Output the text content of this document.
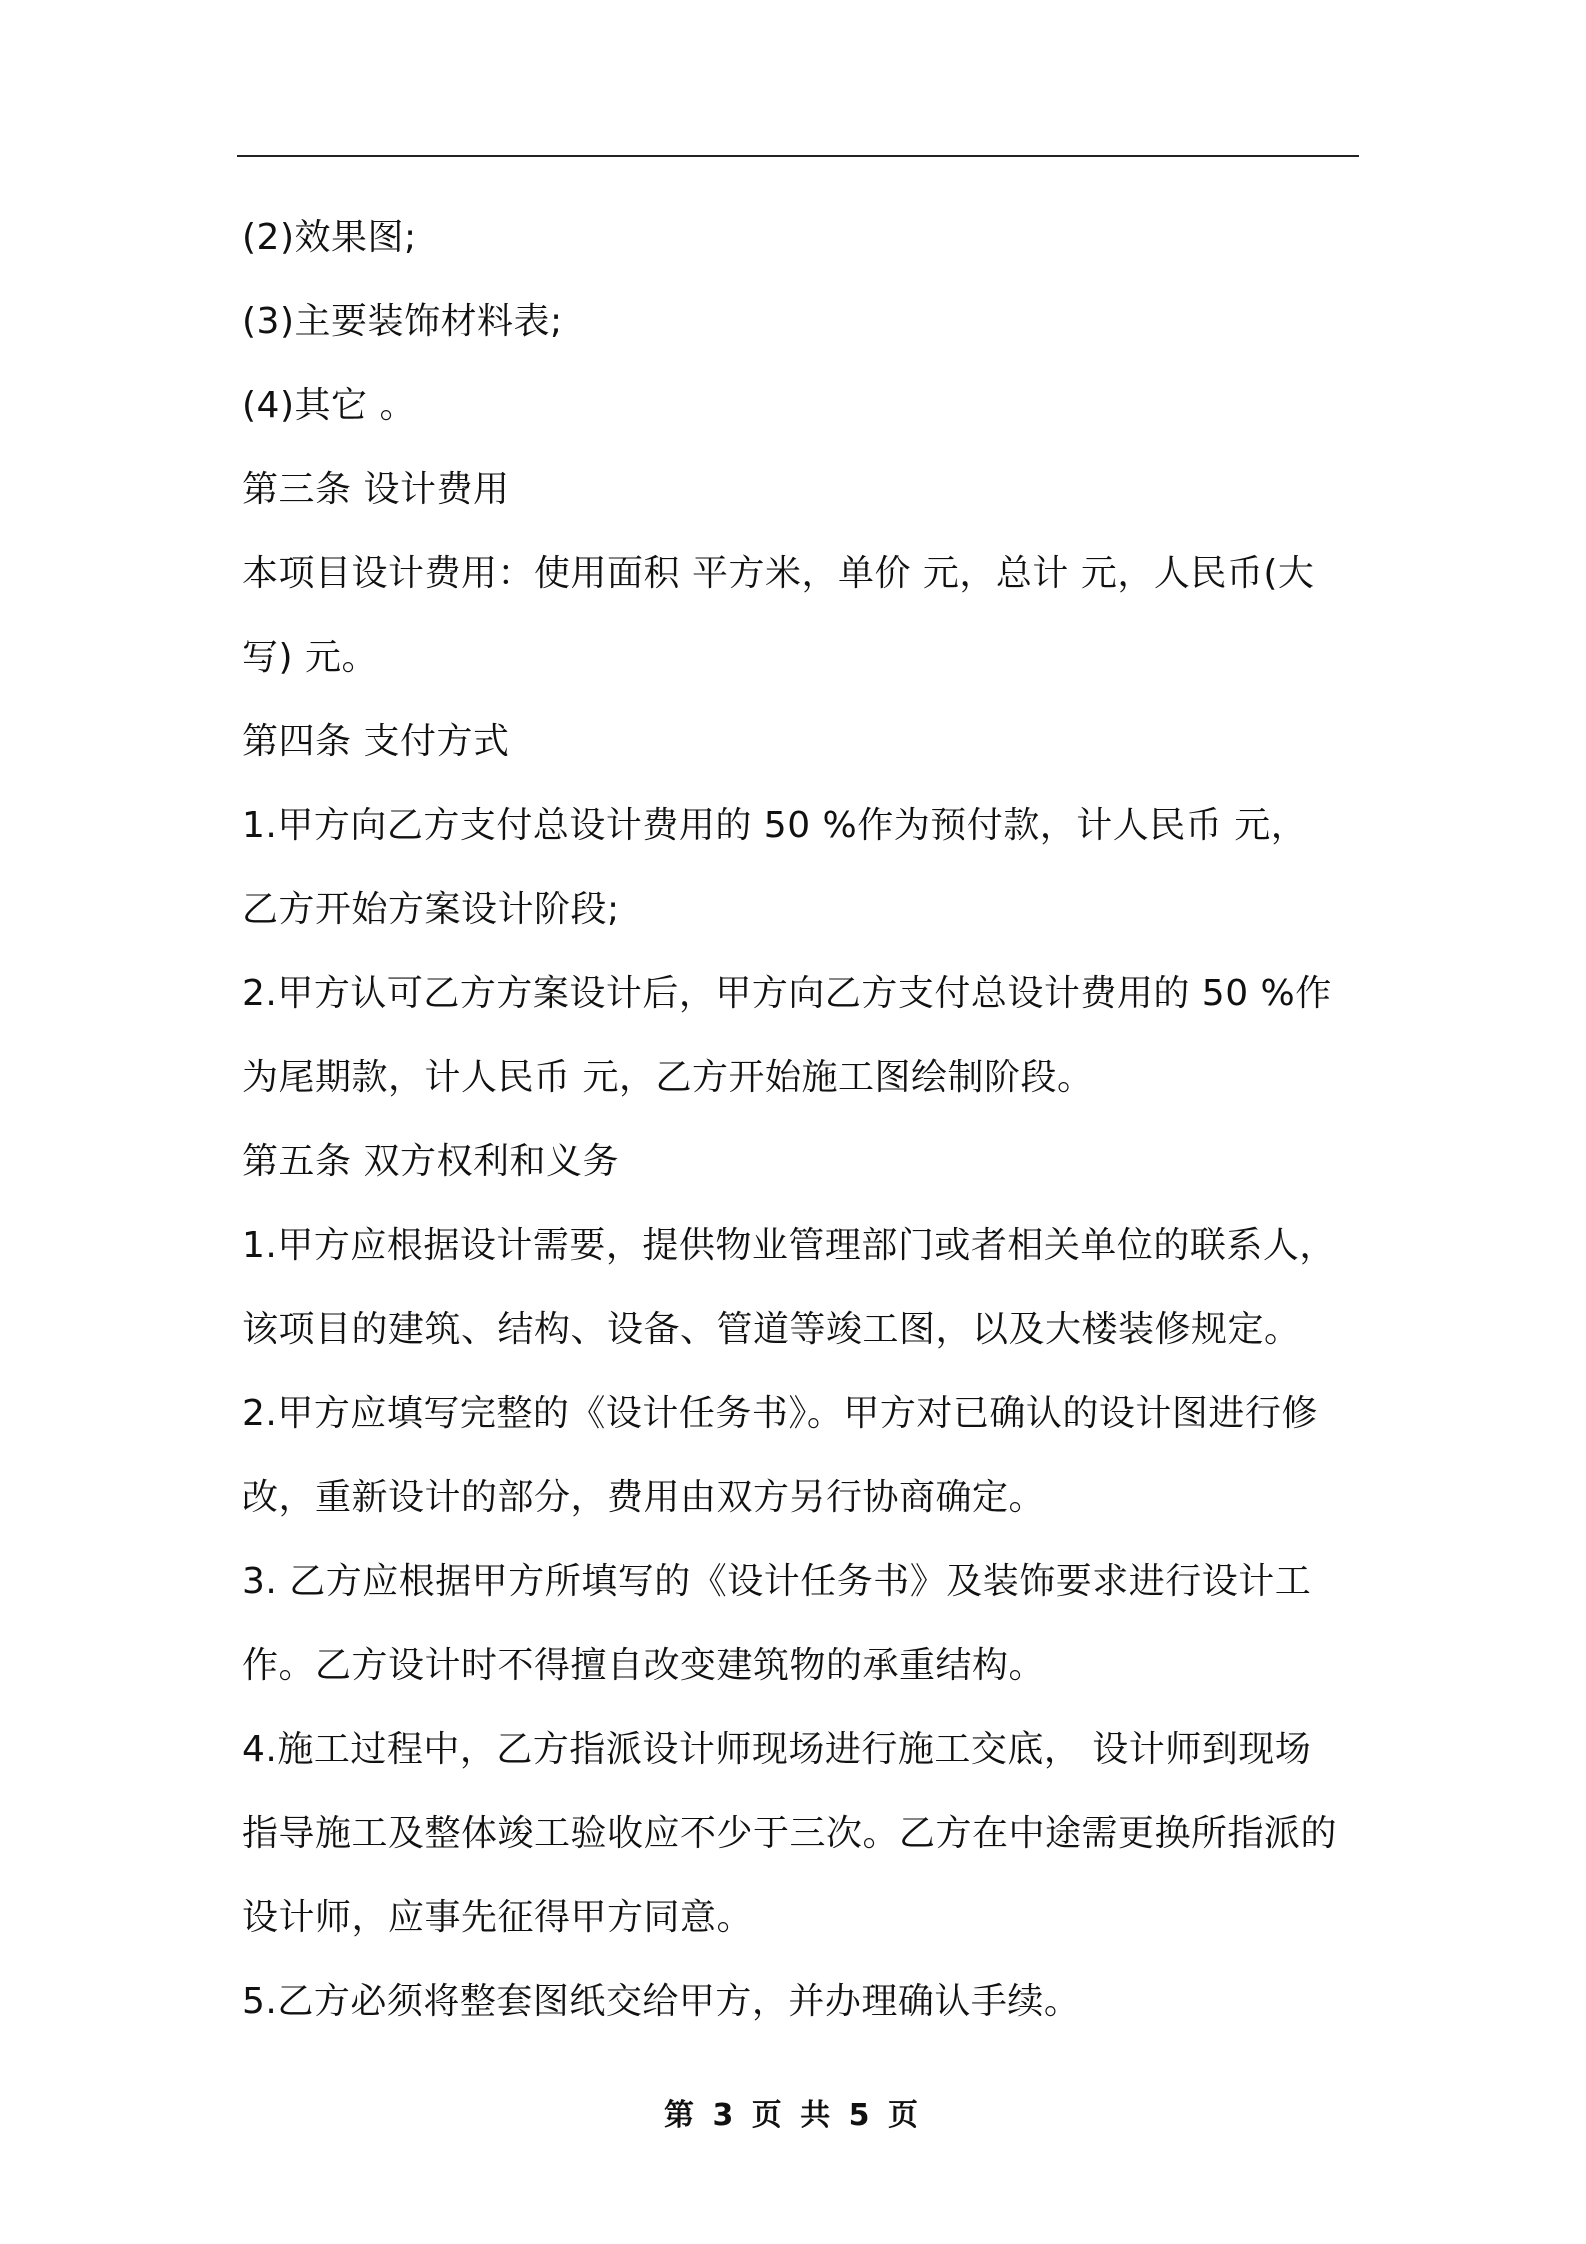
(2)效果图;
(3)主要装饰材料表;
(4)其它 。
第三条 设计费用
本项目设计费用：使用面积 平方米，单价 元，总计 元，人民币(大
写) 元。
第四条 支付方式
1.甲方向乙方支付总设计费用的 50 %作为预付款，计人民币 元，
乙方开始方案设计阶段;
2.甲方认可乙方方案设计后，甲方向乙方支付总设计费用的 50 %作
为尾期款，计人民币 元，乙方开始施工图绘制阶段。
第五条 双方权利和义务
1.甲方应根据设计需要，提供物业管理部门或者相关单位的联系人，
该项目的建筑、结构、设备、管道等竣工图，以及大楼装修规定。
2.甲方应填写完整的《设计任务书》。甲方对已确认的设计图进行修
改，重新设计的部分，费用由双方另行协商确定。
3. 乙方应根据甲方所填写的《设计任务书》及装饰要求进行设计工
作。乙方设计时不得擅自改变建筑物的承重结构。
4.施工过程中，乙方指派设计师现场进行施工交底， 设计师到现场
指导施工及整体竣工验收应不少于三次。乙方在中途需更换所指派的
设计师，应事先征得甲方同意。
5.乙方必须将整套图纸交给甲方，并办理确认手续。
第 3 页 共 5 页
